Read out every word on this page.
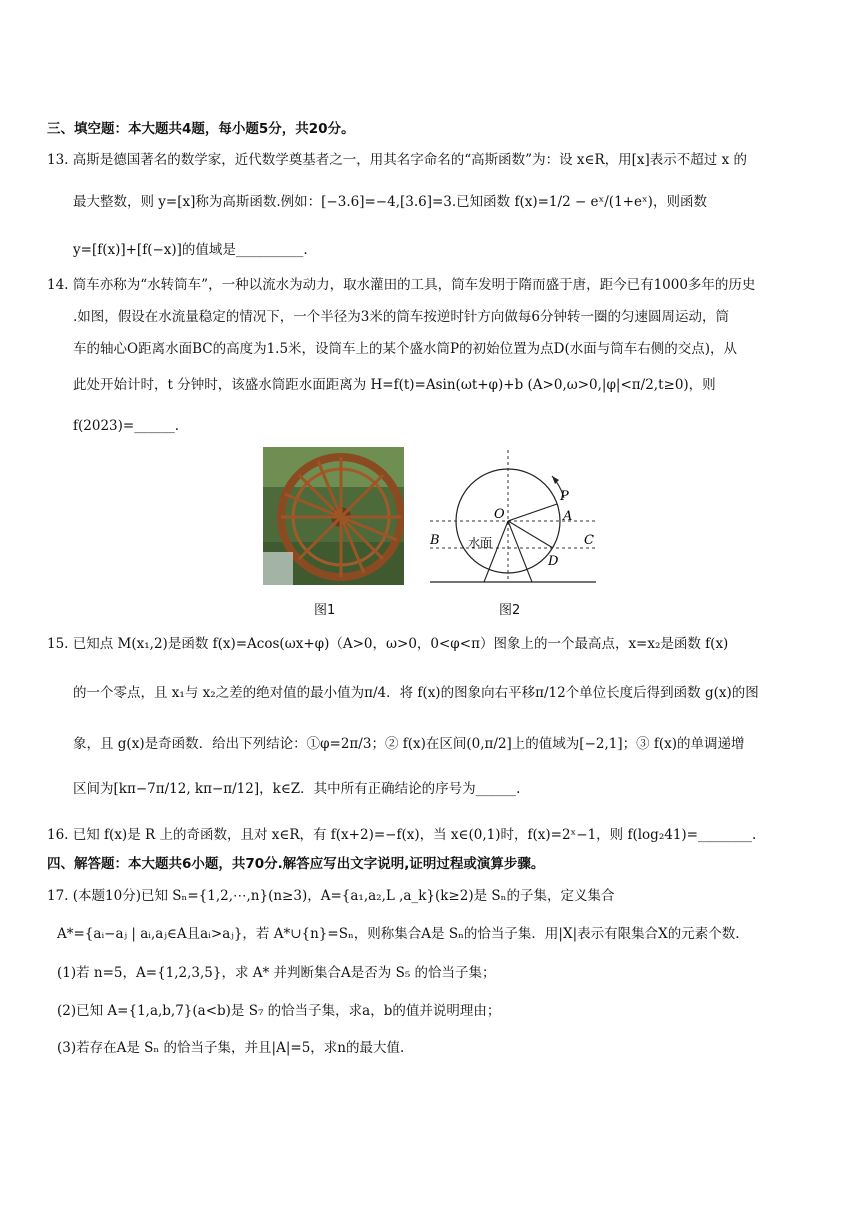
三、填空题：本大题共4题，每小题5分，共20分。
13. 高斯是德国著名的数学家，近代数学奠基者之一，用其名字命名的“高斯函数”为：设 x∈R，用[x]表示不超过 x 的
最大整数，则 y=[x]称为高斯函数.例如：[−3.6]=−4,[3.6]=3.已知函数 f(x)=1/2 − eˣ/(1+eˣ)，则函数
y=[f(x)]+[f(−x)]的值域是__________.
14. 筒车亦称为“水转筒车”，一种以流水为动力，取水灌田的工具，筒车发明于隋而盛于唐，距今已有1000多年的历史
.如图，假设在水流量稳定的情况下，一个半径为3米的筒车按逆时针方向做每6分钟转一圈的匀速圆周运动，筒
车的轴心O距离水面BC的高度为1.5米，设筒车上的某个盛水筒P的初始位置为点D(水面与筒车右侧的交点)，从
此处开始计时，t 分钟时，该盛水筒距水面距离为 H=f(t)=Asin(ωt+φ)+b (A>0,ω>0,|φ|<π/2,t≥0)，则
f(2023)=______.
图1
P
O	A
B	C
D
水面
图2
15. 已知点 M(x₁,2)是函数 f(x)=Acos(ωx+φ)（A>0，ω>0，0<φ<π）图象上的一个最高点，x=x₂是函数 f(x)
的一个零点，且 x₁与 x₂之差的绝对值的最小值为π/4．将 f(x)的图象向右平移π/12个单位长度后得到函数 g(x)的图
象，且 g(x)是奇函数．给出下列结论：①φ=2π/3；② f(x)在区间(0,π/2]上的值域为[−2,1]；③ f(x)的单调递增
区间为[kπ−7π/12, kπ−π/12]，k∈Z．其中所有正确结论的序号为______.
16. 已知 f(x)是 R 上的奇函数，且对 x∈R，有 f(x+2)=−f(x)，当 x∈(0,1)时，f(x)=2ˣ−1，则 f(log₂41)=________.
四、解答题：本大题共6小题，共70分.解答应写出文字说明,证明过程或演算步骤。
17. (本题10分)已知 Sₙ={1,2,⋯,n}(n≥3)，A={a₁,a₂,L ,a_k}(k≥2)是 Sₙ的子集，定义集合
A*={aᵢ−aⱼ | aᵢ,aⱼ∈A且aᵢ>aⱼ}，若 A*∪{n}=Sₙ，则称集合A是 Sₙ的恰当子集．用|X|表示有限集合X的元素个数.
(1)若 n=5，A={1,2,3,5}，求 A* 并判断集合A是否为 S₅ 的恰当子集；
(2)已知 A={1,a,b,7}(a<b)是 S₇ 的恰当子集，求a，b的值并说明理由；
(3)若存在A是 Sₙ 的恰当子集，并且|A|=5，求n的最大值.
